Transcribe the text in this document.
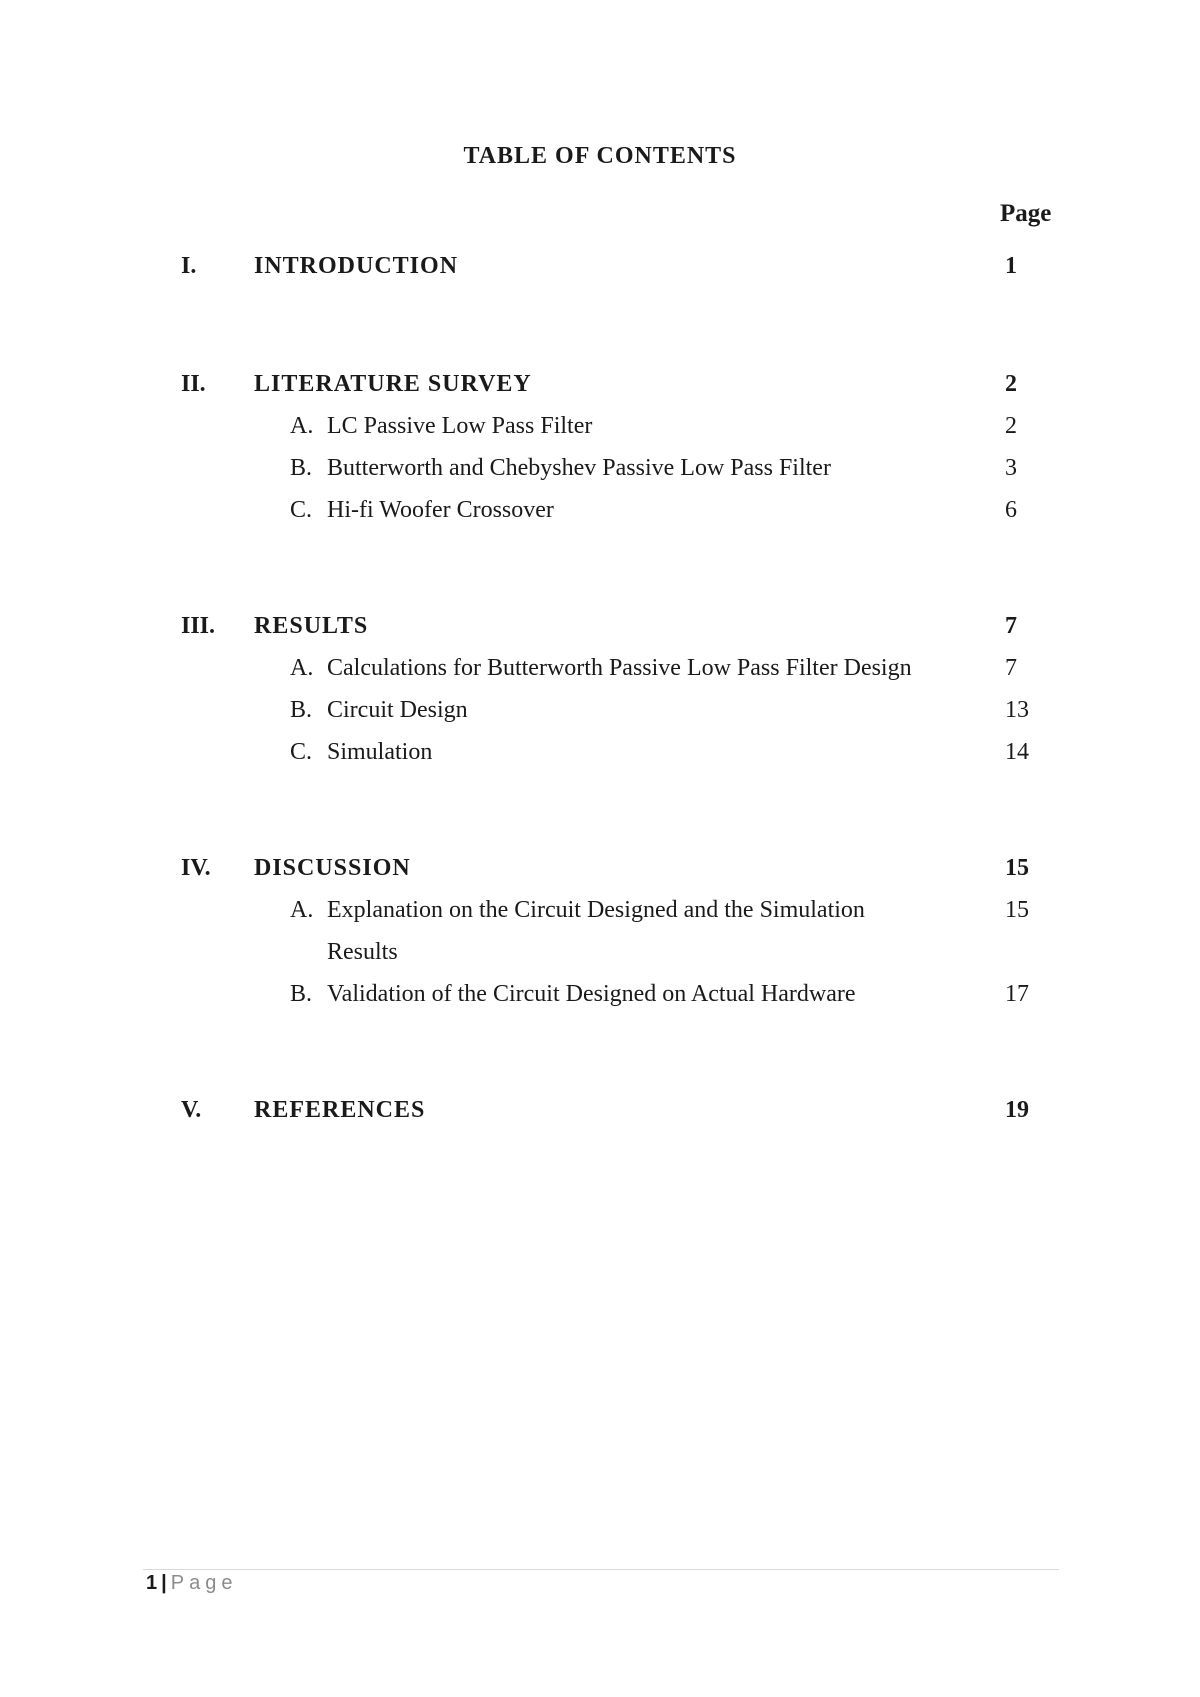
TABLE OF CONTENTS
Page
I. INTRODUCTION	1
II. LITERATURE SURVEY	2
A. LC Passive Low Pass Filter	2
B. Butterworth and Chebyshev Passive Low Pass Filter	3
C. Hi-fi Woofer Crossover	6
III. RESULTS	7
A. Calculations for Butterworth Passive Low Pass Filter Design	7
B. Circuit Design	13
C. Simulation	14
IV. DISCUSSION	15
A. Explanation on the Circuit Designed and the Simulation	15
Results
B. Validation of the Circuit Designed on Actual Hardware	17
V. REFERENCES	19
1 | Page
